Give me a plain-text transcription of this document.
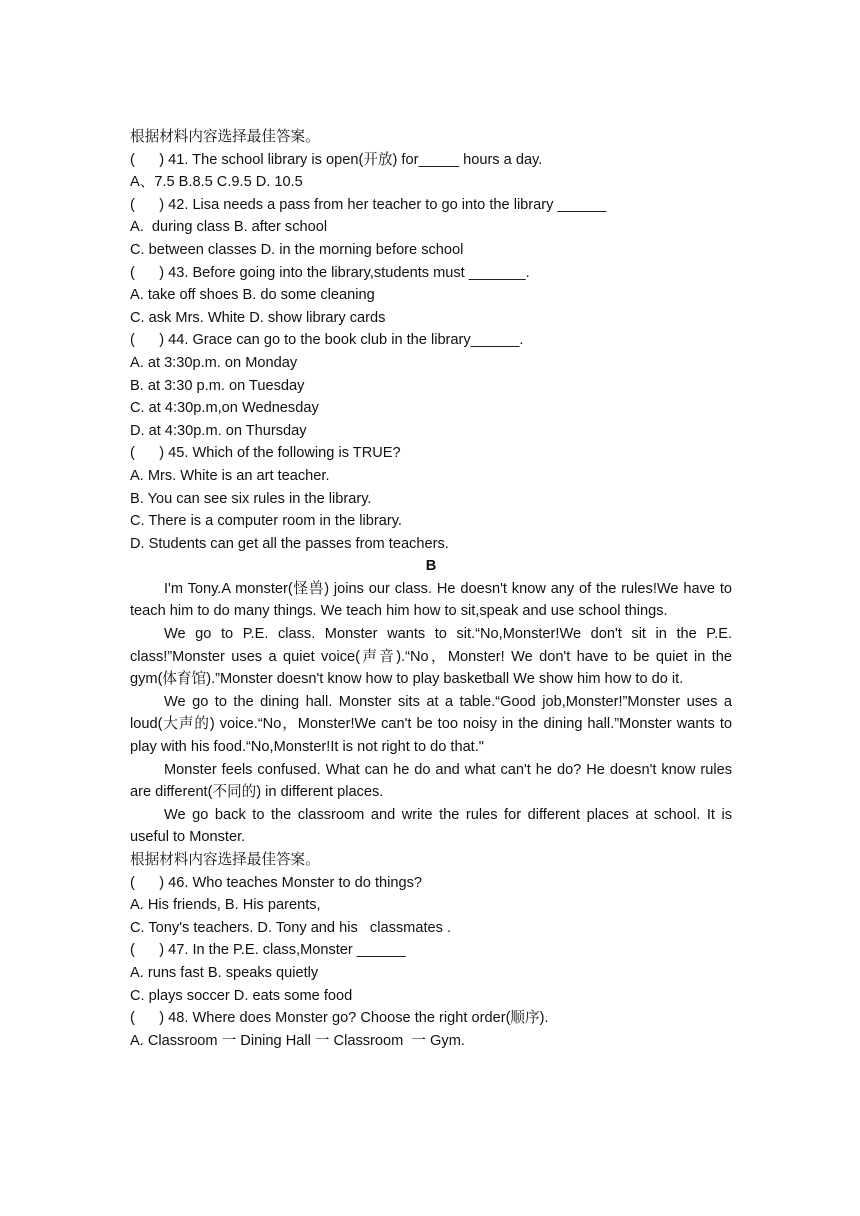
根据材料内容选择最佳答案。
(      ) 41. The school library is open(开放) for_____ hours a day.
A、7.5 B.8.5 C.9.5 D. 10.5
(      ) 42. Lisa needs a pass from her teacher to go into the library ______
A.  during class B. after school
C. between classes D. in the morning before school
(      ) 43. Before going into the library,students must _______.
A. take off shoes B. do some cleaning
C. ask Mrs. White D. show library cards
(      ) 44. Grace can go to the book club in the library______.
A. at 3:30p.m. on Monday
B. at 3:30 p.m. on Tuesday
C. at 4:30p.m,on Wednesday
D. at 4:30p.m. on Thursday
(      ) 45. Which of the following is TRUE?
A. Mrs. White is an art teacher.
B. You can see six rules in the library.
C. There is a computer room in the library.
D. Students can get all the passes from teachers.
B

I'm Tony.A monster(怪兽) joins our class. He doesn't know any of the rules!We have to teach him to do many things. We teach him how to sit,speak and use school things.

We go to P.E. class. Monster wants to sit.“No,Monster!We don't sit in the P.E. class!”Monster uses a quiet voice(声音).“No，Monster! We don't have to be quiet in the gym(体育馆).”Monster doesn't know how to play basketball We show him how to do it.

We go to the dining hall. Monster sits at a table.“Good job,Monster!”Monster uses a loud(大声的) voice.“No，Monster!We can't be too noisy in the dining hall.”Monster wants to play with his food.“No,Monster!It is not right to do that."

Monster feels confused. What can he do and what can't he do? He doesn't know rules are different(不同的) in different places.

We go back to the classroom and write the rules for different places at school. It is useful to Monster.

根据材料内容选择最佳答案。
(      ) 46. Who teaches Monster to do things?
A. His friends, B. His parents,
C. Tony's teachers. D. Tony and his   classmates .
(      ) 47. In the P.E. class,Monster ______
A. runs fast B. speaks quietly
C. plays soccer D. eats some food
(      ) 48. Where does Monster go? Choose the right order(顺序).
A. Classroom 一 Dining Hall 一 Classroom  一 Gym.
